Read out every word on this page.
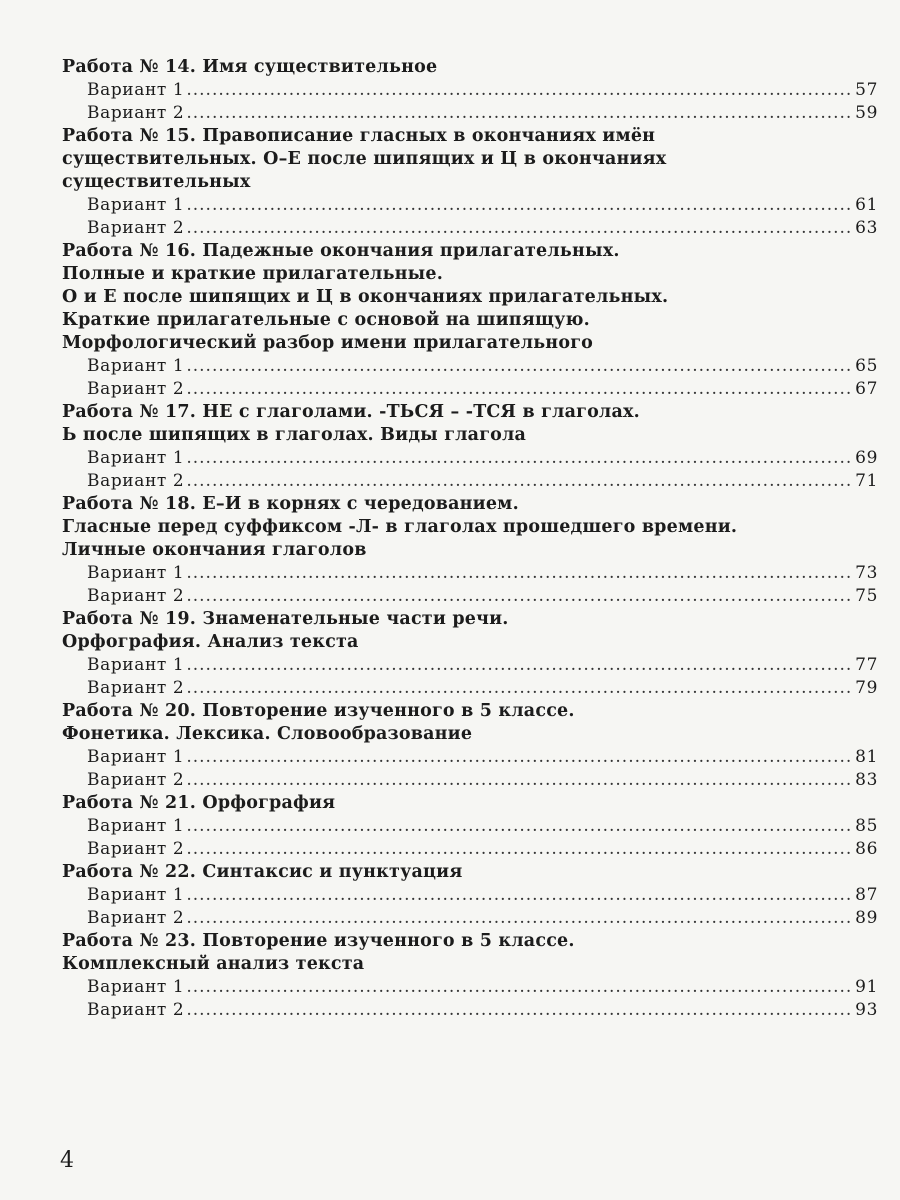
Работа № 14. Имя существительное
Вариант 1 .....	57
Вариант 2 .....	59
Работа № 15. Правописание гласных в окончаниях имён
существительных. О–Е после шипящих и Ц в окончаниях
существительных
Вариант 1 .....	61
Вариант 2 .....	63
Работа № 16. Падежные окончания прилагательных.
Полные и краткие прилагательные.
О и Е после шипящих и Ц в окончаниях прилагательных.
Краткие прилагательные с основой на шипящую.
Морфологический разбор имени прилагательного
Вариант 1 .....	65
Вариант 2 .....	67
Работа № 17. НЕ с глаголами. -ТЬСЯ – -ТСЯ в глаголах.
Ь после шипящих в глаголах. Виды глагола
Вариант 1 .....	69
Вариант 2 .....	71
Работа № 18. Е–И в корнях с чередованием.
Гласные перед суффиксом -Л- в глаголах прошедшего времени.
Личные окончания глаголов
Вариант 1 .....	73
Вариант 2 .....	75
Работа № 19. Знаменательные части речи.
Орфография. Анализ текста
Вариант 1 .....	77
Вариант 2 .....	79
Работа № 20. Повторение изученного в 5 классе.
Фонетика. Лексика. Словообразование
Вариант 1 .....	81
Вариант 2 .....	83
Работа № 21. Орфография
Вариант 1 .....	85
Вариант 2 .....	86
Работа № 22. Синтаксис и пунктуация
Вариант 1 .....	87
Вариант 2 .....	89
Работа № 23. Повторение изученного в 5 классе.
Комплексный анализ текста
Вариант 1 .....	91
Вариант 2 .....	93
4
